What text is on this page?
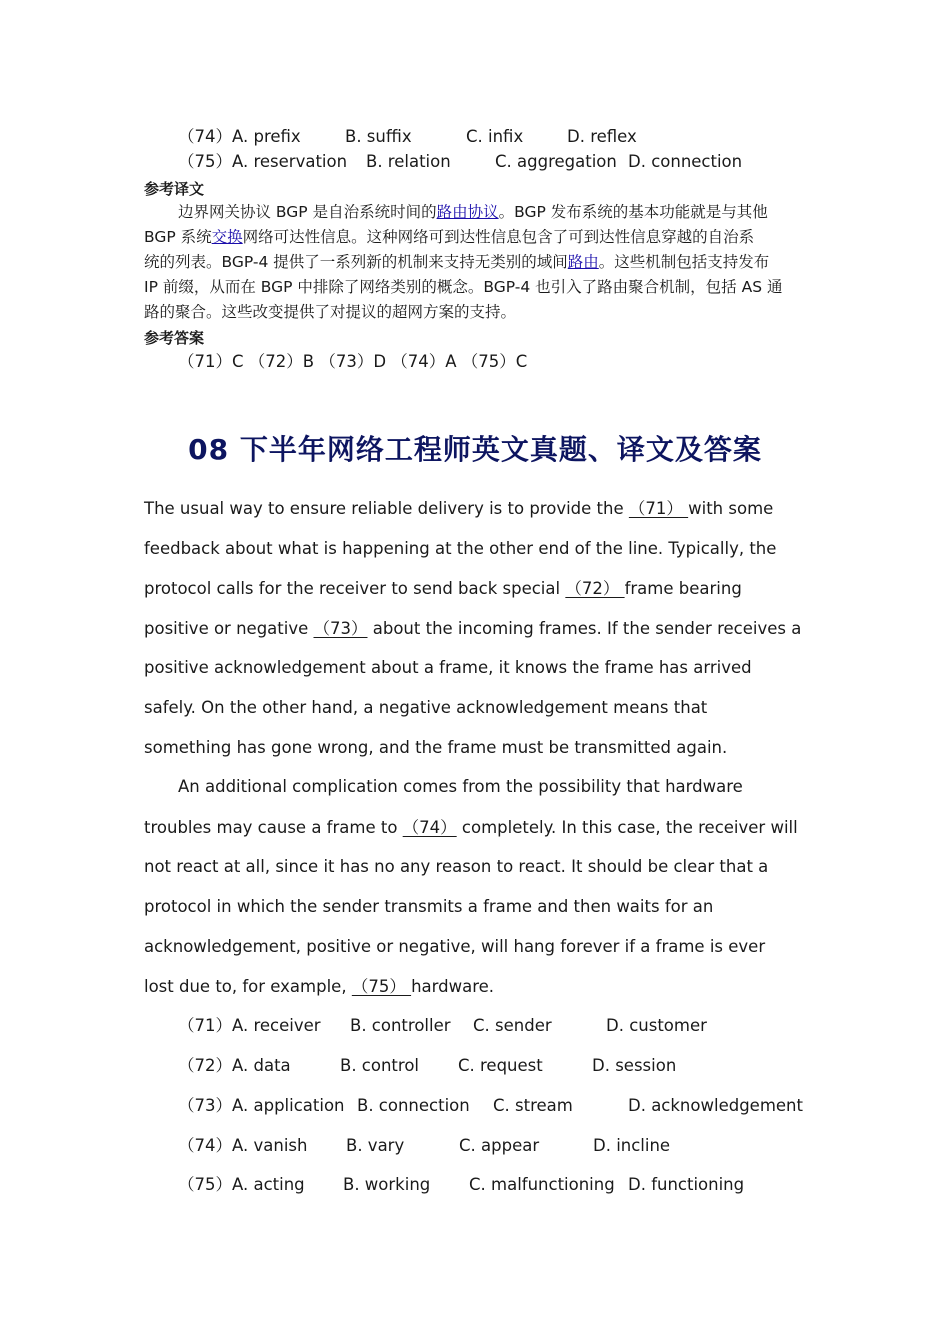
（74） A. prefix	B. suffix	C. infix	D. reflex
（75） A. reservation B. relation	C. aggregation D. connection
参考译文
边界网关协议 BGP 是自治系统时间的路由协议。BGP 发布系统的基本功能就是与其他
BGP 系统交换网络可达性信息。这种网络可到达性信息包含了可到达性信息穿越的自治系
统的列表。BGP-4 提供了一系列新的机制来支持无类别的域间路由。这些机制包括支持发布
IP 前缀，从而在 BGP 中排除了网络类别的概念。BGP-4 也引入了路由聚合机制，包括 AS 通
路的聚合。这些改变提供了对提议的超网方案的支持。
参考答案
（71）C （72）B （73）D （74）A （75）C
08 下半年网络工程师英文真题、译文及答案
The usual way to ensure reliable delivery is to provide the （71） with some
feedback about what is happening at the other end of the line. Typically, the
protocol calls for the receiver to send back special （72） frame bearing
positive or negative （73） about the incoming frames. If the sender receives a
positive acknowledgement about a frame, it knows the frame has arrived
safely. On the other hand, a negative acknowledgement means that
something has gone wrong, and the frame must be transmitted again.
An additional complication comes from the possibility that hardware
troubles may cause a frame to （74） completely. In this case, the receiver will
not react at all, since it has no any reason to react. It should be clear that a
protocol in which the sender transmits a frame and then waits for an
acknowledgement, positive or negative, will hang forever if a frame is ever
lost due to, for example, （75） hardware.
（71） A. receiver B. controller C. sender	D. customer
（72） A. data	B. control C. request	D. session
（73） A. application B. connection C. stream	D. acknowledgement
（74） A. vanish B. vary	C. appear	D. incline
（75） A. acting B. working C. malfunctioning D. functioning
